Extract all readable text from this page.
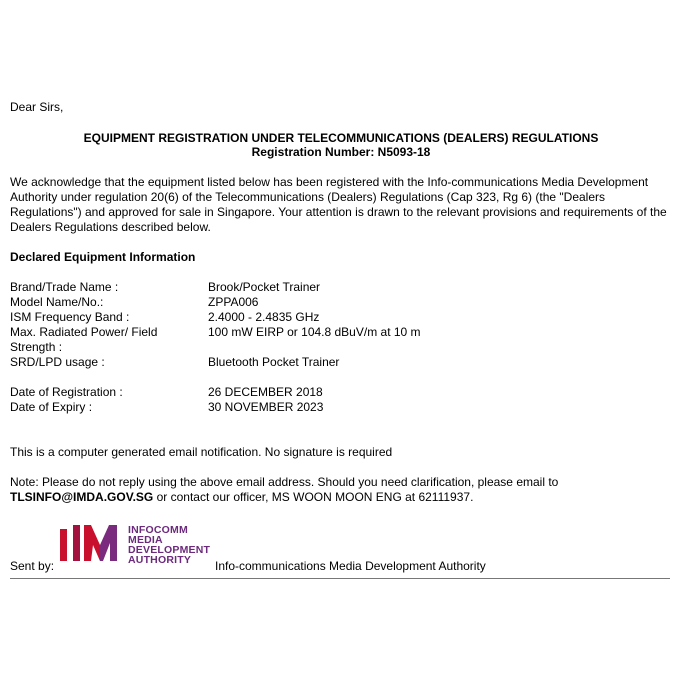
Dear Sirs,
EQUIPMENT REGISTRATION UNDER TELECOMMUNICATIONS (DEALERS) REGULATIONS
Registration Number: N5093-18
We acknowledge that the equipment listed below has been registered with the Info-communications Media Development Authority under regulation 20(6) of the Telecommunications (Dealers) Regulations (Cap 323, Rg 6) (the "Dealers Regulations") and approved for sale in Singapore. Your attention is drawn to the relevant provisions and requirements of the Dealers Regulations described below.
Declared Equipment Information
Brand/Trade Name :	Brook/Pocket Trainer
Model Name/No.:	ZPPA006
ISM Frequency Band :	2.4000 - 2.4835 GHz
Max. Radiated Power/ Field	100 mW EIRP or 104.8 dBuV/m at 10 m
Strength :
SRD/LPD usage :	Bluetooth Pocket Trainer
Date of Registration :	26 DECEMBER 2018
Date of Expiry :	30 NOVEMBER 2023
This is a computer generated email notification. No signature is required
Note: Please do not reply using the above email address. Should you need clarification, please email to
TLSINFO@IMDA.GOV.SG or contact our officer, MS WOON MOON ENG at 62111937.
Sent by:
INFOCOMM
MEDIA
DEVELOPMENT
AUTHORITY Info-communications Media Development Authority
